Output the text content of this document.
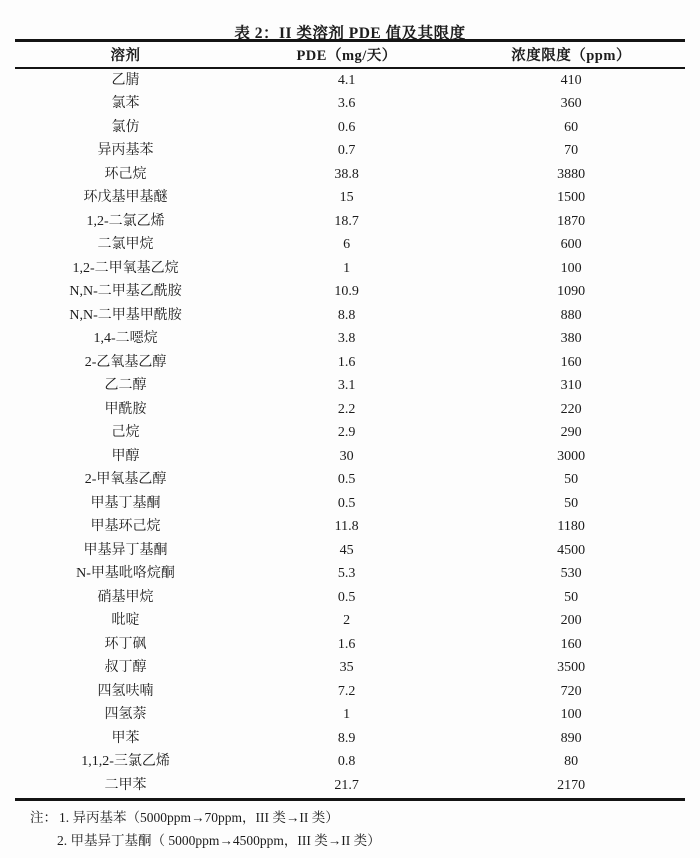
表 2：II 类溶剂 PDE 值及其限度
溶剂	PDE（mg/天）	浓度限度（ppm）
乙腈	4.1	410
氯苯	3.6	360
氯仿	0.6	60
异丙基苯	0.7	70
环己烷	38.8	3880
环戊基甲基醚	15	1500
1,2-二氯乙烯	18.7	1870
二氯甲烷	6	600
1,2-二甲氧基乙烷	1	100
N,N-二甲基乙酰胺	10.9	1090
N,N-二甲基甲酰胺	8.8	880
1,4-二噁烷	3.8	380
2-乙氧基乙醇	1.6	160
乙二醇	3.1	310
甲酰胺	2.2	220
己烷	2.9	290
甲醇	30	3000
2-甲氧基乙醇	0.5	50
甲基丁基酮	0.5	50
甲基环己烷	11.8	1180
甲基异丁基酮	45	4500
N-甲基吡咯烷酮	5.3	530
硝基甲烷	0.5	50
吡啶	2	200
环丁砜	1.6	160
叔丁醇	35	3500
四氢呋喃	7.2	720
四氢萘	1	100
甲苯	8.9	890
1,1,2-三氯乙烯	0.8	80
二甲苯	21.7	2170
注： 1. 异丙基苯（5000ppm→70ppm，III 类→II 类）
2. 甲基异丁基酮（ 5000ppm→4500ppm，III 类→II 类）
